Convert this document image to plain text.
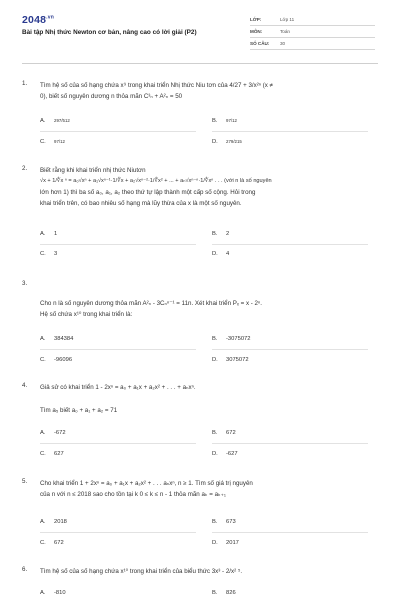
$2048^{.vn}$
Bài tập Nhị thức Newton cơ bản, nâng cao có lời giải (P2)
LỚP:	Lớp 11
MÔN:	Toán
SỐ CÂU:	30
1. Tìm hệ số của số hạng chứa x⁹ trong khai triển Nhị thức Niu tơn của 4/27 + 3/x²ⁿ (x ≠
0), biết số nguyên dương n thỏa mãn C³ₙ + A²ₙ = 50
A. 297/512	B. 97/12
C. 97/12	D. 279/215
2. Biết rằng khi khai triển nhị thức Niutơn
√x + 1/∜x ⁿ = a₀√xⁿ + a₁√xⁿ⁻¹·1/∜x + a₂√xⁿ⁻²·1/∜x² + ... + aₙ√xⁿ⁻ⁿ·1/∜xⁿ . . . (với n là số nguyên
lớn hơn 1) thì ba số a₀, a₁, a₂ theo thứ tự lập thành một cấp số cộng. Hỏi trong
khai triển trên, có bao nhiêu số hạng mà lũy thừa của x là một số nguyên.
A. 1	B. 2
C. 3	D. 4
3.
Cho n là số nguyên dương thỏa mãn A²ₙ - 3Cₙⁿ⁻¹ = 11n. Xét khai triển Pₓ = x - 2ⁿ.
Hệ số chứa x¹⁰ trong khai triển là:
A. 384384	B. -3075072
C. -96096	D. 3075072
4. Giả sử có khai triển 1 - 2xⁿ = a₀ + a₁x + a₂x² + . . . + aₙxⁿ.
Tìm a₅ biết a₀ + a₁ + a₂ = 71
A. -672	B. 672
C. 627	D. -627
5. Cho khai triển 1 + 2xⁿ = a₀ + a₁x + a₂x² + . . . aₙxⁿ, n ≥ 1. Tìm số giá trị nguyên
của n với n ≤ 2018 sao cho tồn tại k 0 ≤ k ≤ n - 1 thỏa mãn aₖ = aₖ₊₁
A. 2018	B. 673
C. 672	D. 2017
6. Tìm hệ số của số hạng chứa x¹⁰ trong khai triển của biểu thức 3x³ - 2/x² ⁵.
A. -810	B. 826
